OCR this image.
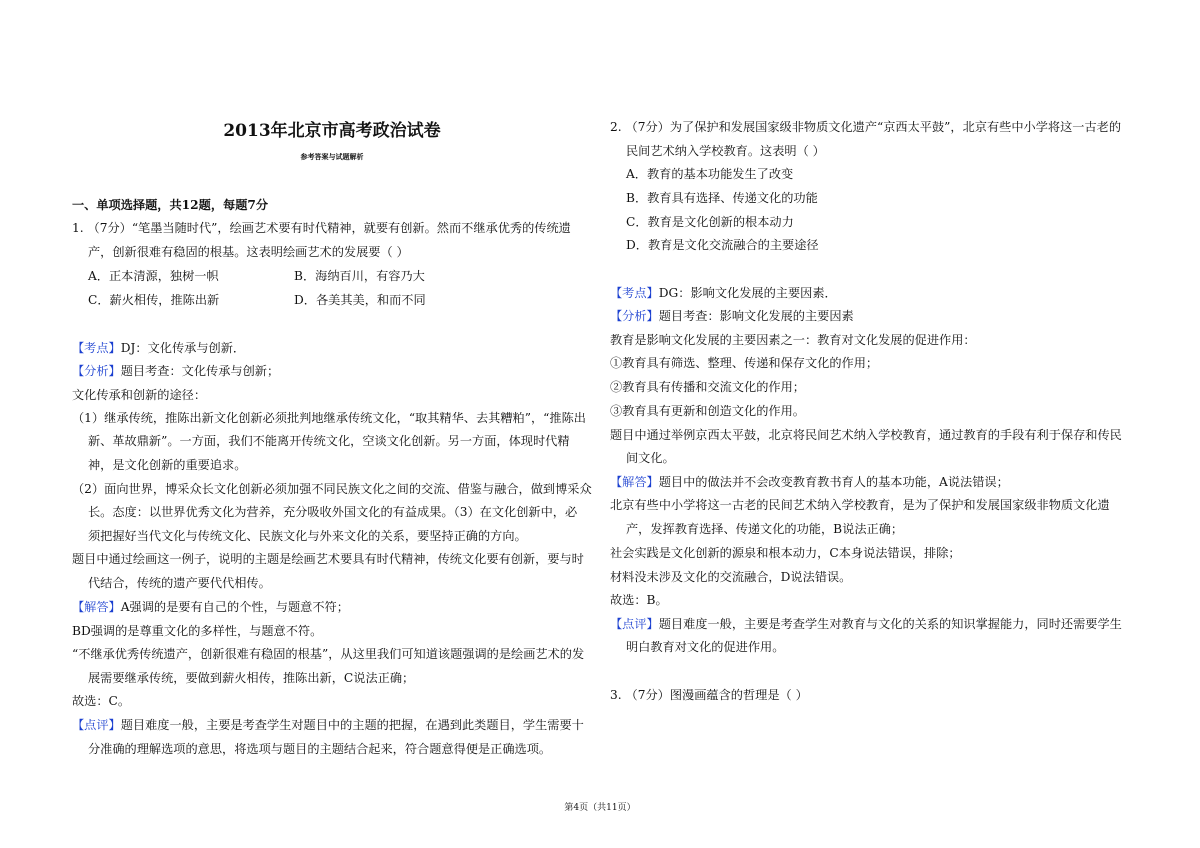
2013年北京市高考政治试卷
参考答案与试题解析
一、单项选择题，共12题，每题7分
1. （7分）“笔墨当随时代”，绘画艺术要有时代精神，就要有创新。然而不继承优秀的传统遗
产，创新很难有稳固的根基。这表明绘画艺术的发展要（ ）
A．正本清源，独树一帜	B．海纳百川，有容乃大
C．薪火相传，推陈出新	D．各美其美，和而不同
【考点】DJ：文化传承与创新．
【分析】题目考查：文化传承与创新；
文化传承和创新的途径：
（1）继承传统，推陈出新文化创新必须批判地继承传统文化，“取其精华、去其糟粕”，“推陈出
新、革故鼎新”。一方面，我们不能离开传统文化，空谈文化创新。另一方面，体现时代精
神，是文化创新的重要追求。
（2）面向世界，博采众长文化创新必须加强不同民族文化之间的交流、借鉴与融合，做到博采众
长。态度：以世界优秀文化为营养，充分吸收外国文化的有益成果。（3）在文化创新中，必
须把握好当代文化与传统文化、民族文化与外来文化的关系，要坚持正确的方向。
题目中通过绘画这一例子，说明的主题是绘画艺术要具有时代精神，传统文化要有创新，要与时
代结合，传统的遗产要代代相传。
【解答】A强调的是要有自己的个性，与题意不符；
BD强调的是尊重文化的多样性，与题意不符。
“不继承优秀传统遗产，创新很难有稳固的根基”，从这里我们可知道该题强调的是绘画艺术的发
展需要继承传统，要做到薪火相传，推陈出新，C说法正确；
故选：C。
【点评】题目难度一般，主要是考查学生对题目中的主题的把握，在遇到此类题目，学生需要十
分准确的理解选项的意思，将选项与题目的主题结合起来，符合题意得便是正确选项。
2. （7分）为了保护和发展国家级非物质文化遗产“京西太平鼓”，北京有些中小学将这一古老的
民间艺术纳入学校教育。这表明（ ）
A．教育的基本功能发生了改变
B．教育具有选择、传递文化的功能
C．教育是文化创新的根本动力
D．教育是文化交流融合的主要途径
【考点】DG：影响文化发展的主要因素．
【分析】题目考查：影响文化发展的主要因素
教育是影响文化发展的主要因素之一：教育对文化发展的促进作用：
①教育具有筛选、整理、传递和保存文化的作用；
②教育具有传播和交流文化的作用；
③教育具有更新和创造文化的作用。
题目中通过举例京西太平鼓，北京将民间艺术纳入学校教育，通过教育的手段有利于保存和传民
间文化。
【解答】题目中的做法并不会改变教育教书育人的基本功能，A说法错误；
北京有些中小学将这一古老的民间艺术纳入学校教育，是为了保护和发展国家级非物质文化遗
产，发挥教育选择、传递文化的功能，B说法正确；
社会实践是文化创新的源泉和根本动力，C本身说法错误，排除；
材料没未涉及文化的交流融合，D说法错误。
故选：B。
【点评】题目难度一般，主要是考查学生对教育与文化的关系的知识掌握能力，同时还需要学生
明白教育对文化的促进作用。
3. （7分）图漫画蕴含的哲理是（ ）
第4页（共11页）
